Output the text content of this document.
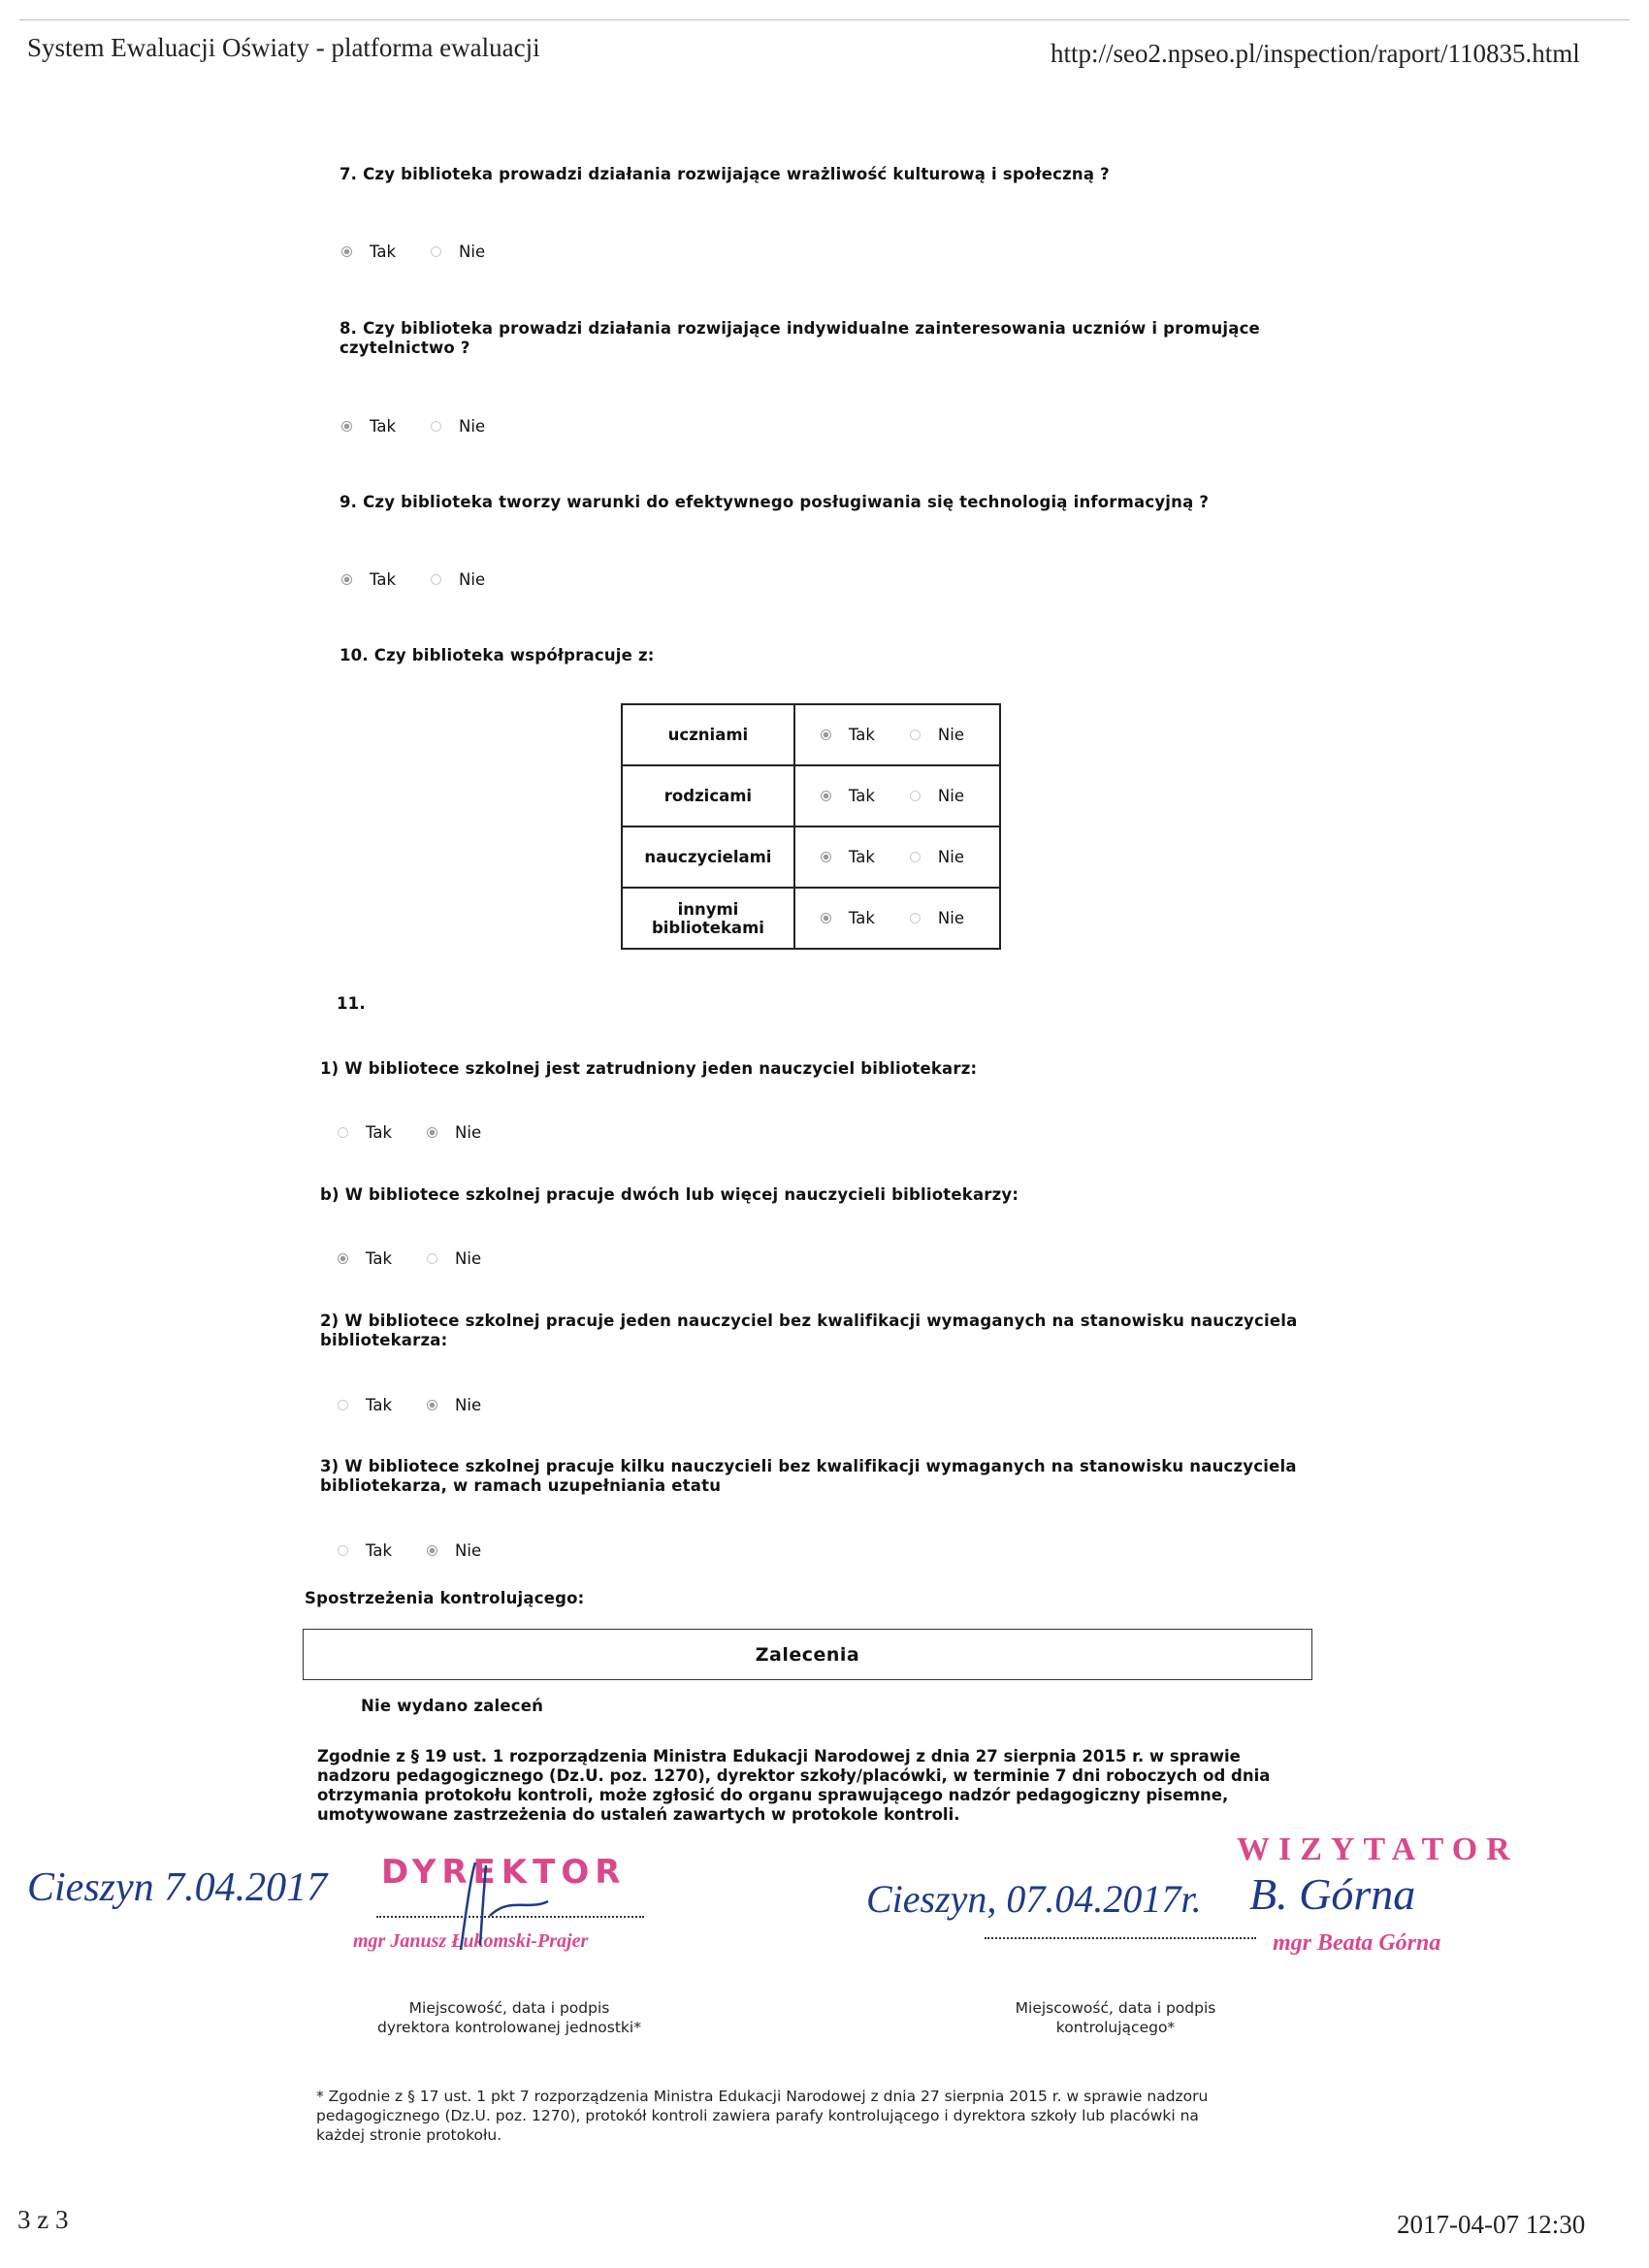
System Ewaluacji Oświaty - platforma ewaluacji	http://seo2.npseo.pl/inspection/raport/110835.html
7. Czy biblioteka prowadzi działania rozwijające wrażliwość kulturową i społeczną ?
Tak	Nie
8. Czy biblioteka prowadzi działania rozwijające indywidualne zainteresowania uczniów i promujące
czytelnictwo ?
Tak	Nie
9. Czy biblioteka tworzy warunki do efektywnego posługiwania się technologią informacyjną ?
Tak	Nie
10. Czy biblioteka współpracuje z:
uczniami	Tak Nie

rodzicami	Tak Nie

nauczycielami	Tak Nie

innymi bibliotekami	Tak Nie
11.
1) W bibliotece szkolnej jest zatrudniony jeden nauczyciel bibliotekarz:
Tak	Nie
b) W bibliotece szkolnej pracuje dwóch lub więcej nauczycieli bibliotekarzy:
Tak	Nie
2) W bibliotece szkolnej pracuje jeden nauczyciel bez kwalifikacji wymaganych na stanowisku nauczyciela
bibliotekarza:
Tak	Nie
3) W bibliotece szkolnej pracuje kilku nauczycieli bez kwalifikacji wymaganych na stanowisku nauczyciela
bibliotekarza, w ramach uzupełniania etatu
Tak	Nie
Spostrzeżenia kontrolującego:
Zalecenia
Nie wydano zaleceń
Zgodnie z § 19 ust. 1 rozporządzenia Ministra Edukacji Narodowej z dnia 27 sierpnia 2015 r. w sprawie
nadzoru pedagogicznego (Dz.U. poz. 1270), dyrektor szkoły/placówki, w terminie 7 dni roboczych od dnia
otrzymania protokołu kontroli, może zgłosić do organu sprawującego nadzór pedagogiczny pisemne,
umotywowane zastrzeżenia do ustaleń zawartych w protokole kontroli.
Cieszyn 7.04.2017 DYREKTOR
mgr Janusz Łukomski-Prajer
Miejscowość, data i podpis
dyrektora kontrolowanej jednostki*
WIZYTATOR
Cieszyn, 07.04.2017r. B. Górna
mgr Beata Górna
Miejscowość, data i podpis
kontrolującego*
* Zgodnie z § 17 ust. 1 pkt 7 rozporządzenia Ministra Edukacji Narodowej z dnia 27 sierpnia 2015 r. w sprawie nadzoru
pedagogicznego (Dz.U. poz. 1270), protokół kontroli zawiera parafy kontrolującego i dyrektora szkoły lub placówki na
każdej stronie protokołu.
3 z 3	2017-04-07 12:30
